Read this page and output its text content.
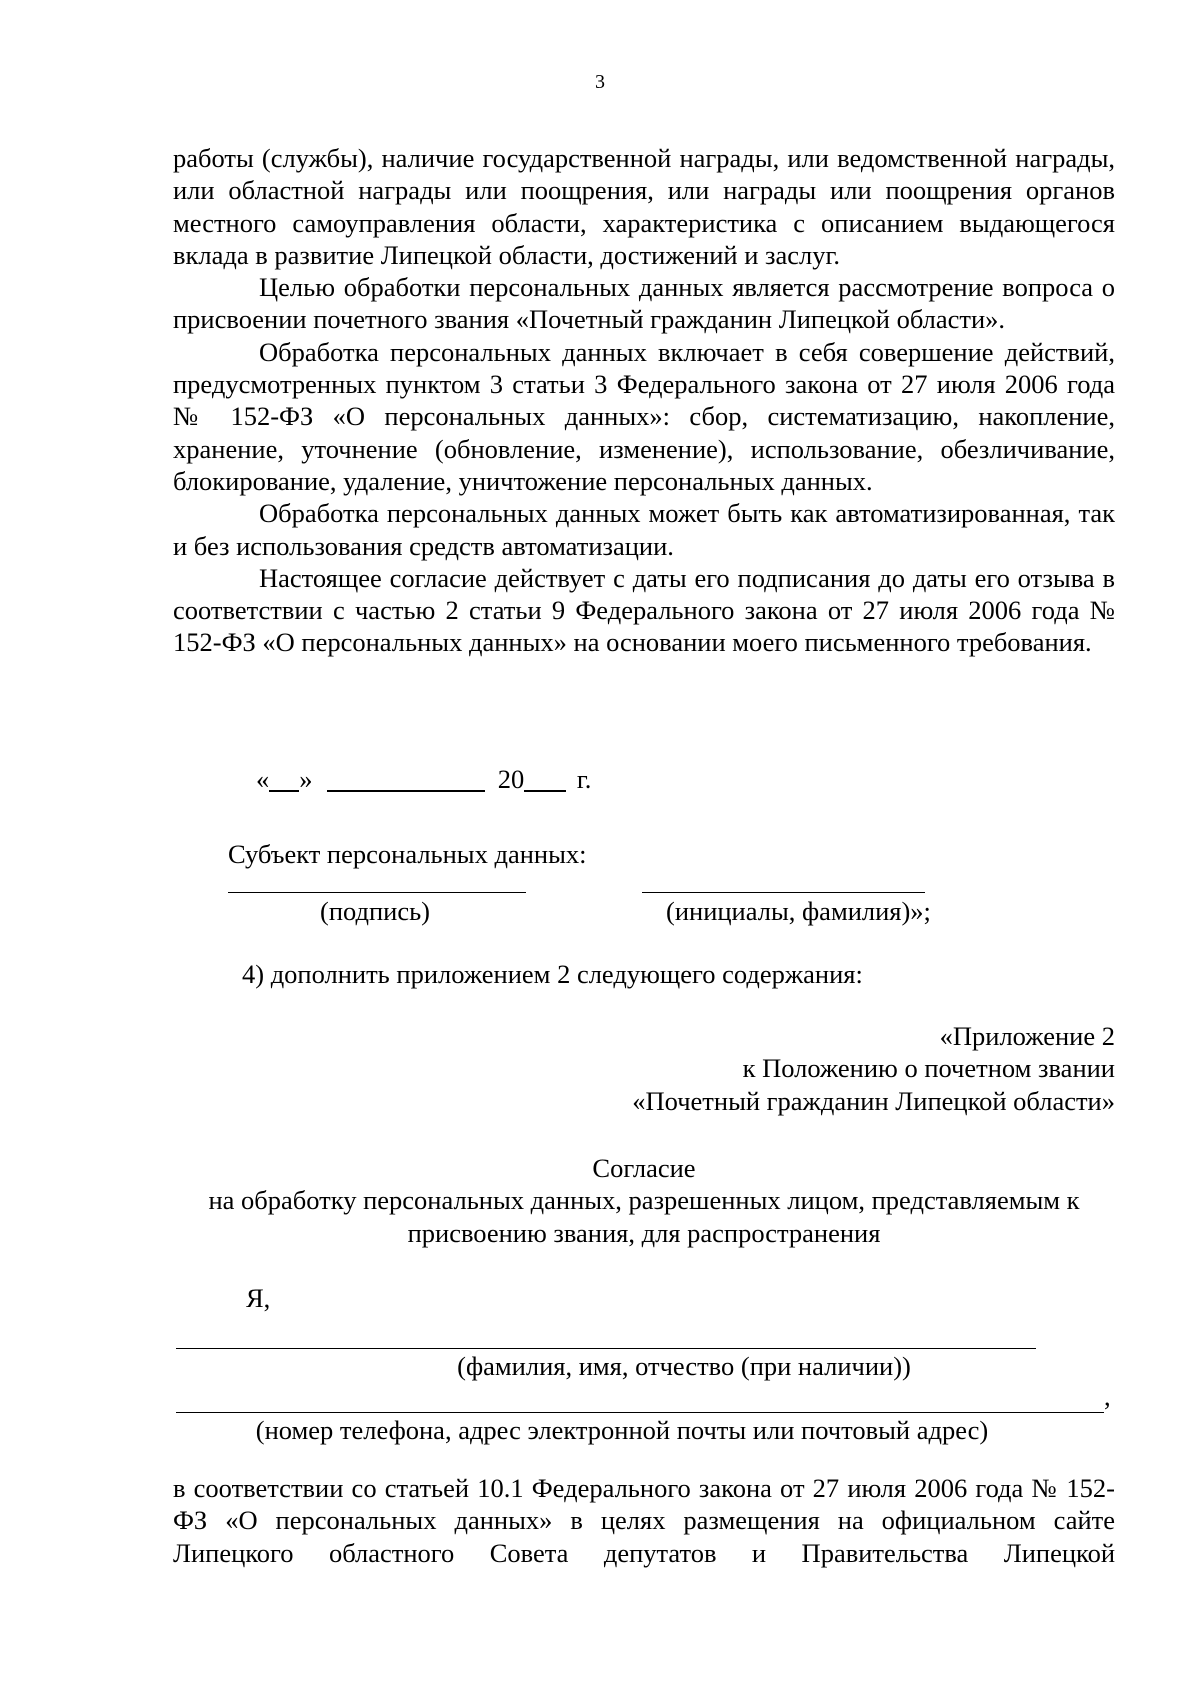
3

работы (службы), наличие государственной награды, или ведомственной награды, или областной награды или поощрения, или награды или поощрения органов местного самоуправления области, характеристика с описанием выдающегося вклада в развитие Липецкой области, достижений и заслуг.

Целью обработки персональных данных является рассмотрение вопроса о присвоении почетного звания «Почетный гражданин Липецкой области».

Обработка персональных данных включает в себя совершение действий, предусмотренных пунктом 3 статьи 3 Федерального закона от 27 июля 2006 года № 152-ФЗ «О персональных данных»: сбор, систематизацию, накопление, хранение, уточнение (обновление, изменение), использование, обезличивание, блокирование, удаление, уничтожение персональных данных.

Обработка персональных данных может быть как автоматизированная, так и без использования средств автоматизации.

Настоящее согласие действует с даты его подписания до даты его отзыва в соответствии с частью 2 статьи 9 Федерального закона от 27 июля 2006 года № 152-ФЗ «О персональных данных» на основании моего письменного требования.

« »	20 г.
Субъект персональных данных:
(подпись)	(инициалы, фамилия)»;
4) дополнить приложением 2 следующего содержания:
«Приложение 2
к Положению о почетном звании
«Почетный гражданин Липецкой области»
Согласие
на обработку персональных данных, разрешенных лицом, представляемым к
присвоению звания, для распространения
Я,
(фамилия, имя, отчество (при наличии))
,
(номер телефона, адрес электронной почты или почтовый адрес)

в соответствии со статьей 10.1 Федерального закона от 27 июля 2006 года № 152-ФЗ «О персональных данных» в целях размещения на официальном сайте Липецкого областного Совета депутатов и Правительства Липецкой
